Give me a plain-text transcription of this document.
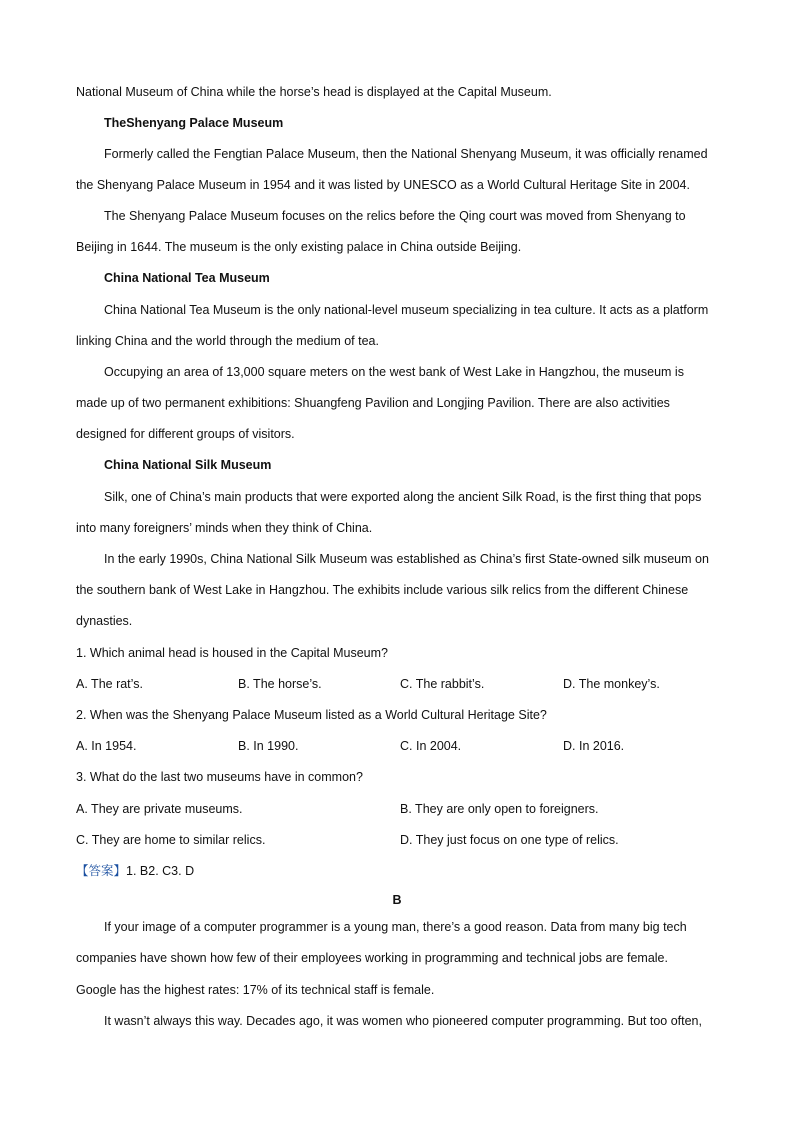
National Museum of China while the horse’s head is displayed at the Capital Museum.
TheShenyang Palace Museum
Formerly called the Fengtian Palace Museum, then the National Shenyang Museum, it was officially renamed
the Shenyang Palace Museum in 1954 and it was listed by UNESCO as a World Cultural Heritage Site in 2004.
The Shenyang Palace Museum focuses on the relics before the Qing court was moved from Shenyang to
Beijing in 1644. The museum is the only existing palace in China outside Beijing.
China National Tea Museum
China National Tea Museum is the only national-level museum specializing in tea culture. It acts as a platform
linking China and the world through the medium of tea.
Occupying an area of 13,000 square meters on the west bank of West Lake in Hangzhou, the museum is
made up of two permanent exhibitions: Shuangfeng Pavilion and Longjing Pavilion. There are also activities
designed for different groups of visitors.
China National Silk Museum
Silk, one of China’s main products that were exported along the ancient Silk Road, is the first thing that pops
into many foreigners’ minds when they think of China.
In the early 1990s, China National Silk Museum was established as China’s first State-owned silk museum on
the southern bank of West Lake in Hangzhou. The exhibits include various silk relics from the different Chinese
dynasties.
1. Which animal head is housed in the Capital Museum?
A. The rat’s.	B. The horse’s.	C. The rabbit’s.	D. The monkey’s.
2. When was the Shenyang Palace Museum listed as a World Cultural Heritage Site?
A. In 1954.	B. In 1990.	C. In 2004.	D. In 2016.
3. What do the last two museums have in common?
A. They are private museums.	B. They are only open to foreigners.
C. They are home to similar relics.	D. They just focus on one type of relics.
【答案】1. B2. C3. D
B
If your image of a computer programmer is a young man, there’s a good reason. Data from many big tech
companies have shown how few of their employees working in programming and technical jobs are female.
Google has the highest rates: 17% of its technical staff is female.
It wasn’t always this way. Decades ago, it was women who pioneered computer programming. But too often,
